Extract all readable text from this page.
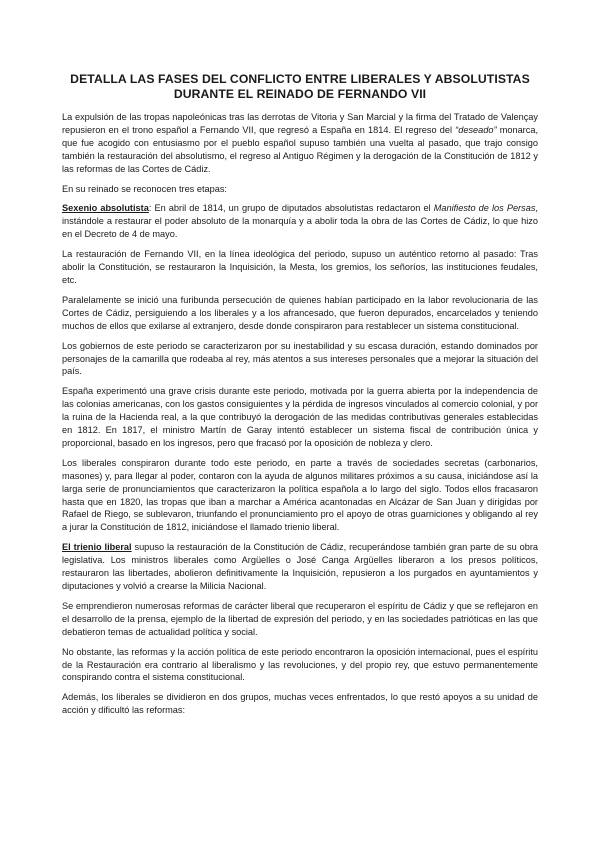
DETALLA LAS FASES DEL CONFLICTO ENTRE LIBERALES Y ABSOLUTISTAS DURANTE EL REINADO DE FERNANDO VII

La expulsión de las tropas napoleónicas tras las derrotas de Vitoria y San Marcial y la firma del Tratado de Valençay repusieron en el trono español a Fernando VII, que regresó a España en 1814. El regreso del “deseado” monarca, que fue acogido con entusiasmo por el pueblo español supuso también una vuelta al pasado, que trajo consigo también la restauración del absolutismo, el regreso al Antiguo Régimen y la derogación de la Constitución de 1812 y las reformas de las Cortes de Cádiz.

En su reinado se reconocen tres etapas:

Sexenio absolutista: En abril de 1814, un grupo de diputados absolutistas redactaron el Manifiesto de los Persas, instándole a restaurar el poder absoluto de la monarquía y a abolir toda la obra de las Cortes de Cádiz, lo que hizo en el Decreto de 4 de mayo.

La restauración de Fernando VII, en la línea ideológica del periodo, supuso un auténtico retorno al pasado: Tras abolir la Constitución, se restauraron la Inquisición, la Mesta, los gremios, los señoríos, las instituciones feudales, etc.

Paralelamente se inició una furibunda persecución de quienes habían participado en la labor revolucionaria de las Cortes de Cádiz, persiguiendo a los liberales y a los afrancesado, que fueron depurados, encarcelados y teniendo muchos de ellos que exilarse al extranjero, desde donde conspiraron para restablecer un sistema constitucional.

Los gobiernos de este periodo se caracterizaron por su inestabilidad y su escasa duración, estando dominados por personajes de la camarilla que rodeaba al rey, más atentos a sus intereses personales que a mejorar la situación del país.

España experimentó una grave crisis durante este periodo, motivada por la guerra abierta por la independencia de las colonias americanas, con los gastos consiguientes y la pérdida de ingresos vinculados al comercio colonial, y por la ruina de la Hacienda real, a la que contribuyó la derogación de las medidas contributivas generales establecidas en 1812. En 1817, el ministro Martín de Garay intentó establecer un sistema fiscal de contribución única y proporcional, basado en los ingresos, pero que fracasó por la oposición de nobleza y clero.

Los liberales conspiraron durante todo este periodo, en parte a través de sociedades secretas (carbonarios, masones) y, para llegar al poder, contaron con la ayuda de algunos militares próximos a su causa, iniciándose así la larga serie de pronunciamientos que caracterizaron la política española a lo largo del siglo. Todos ellos fracasaron hasta que en 1820, las tropas que iban a marchar a América acantonadas en Alcázar de San Juan y dirigidas por Rafael de Riego, se sublevaron, triunfando el pronunciamiento pro el apoyo de otras guarniciones y obligando al rey a jurar la Constitución de 1812, iniciándose el llamado trienio liberal.

El trienio liberal supuso la restauración de la Constitución de Cádiz, recuperándose también gran parte de su obra legislativa. Los ministros liberales como Argüelles o José Canga Argüelles liberaron a los presos políticos, restauraron las libertades, abolieron definitivamente la Inquisición, repusieron a los purgados en ayuntamientos y diputaciones y volvió a crearse la Milicia Nacional.

Se emprendieron numerosas reformas de carácter liberal que recuperaron el espíritu de Cádiz y que se reflejaron en el desarrollo de la prensa, ejemplo de la libertad de expresión del periodo, y en las sociedades patrióticas en las que debatieron temas de actualidad política y social.

No obstante, las reformas y la acción política de este periodo encontraron la oposición internacional, pues el espíritu de la Restauración era contrario al liberalismo y las revoluciones, y del propio rey, que estuvo permanentemente conspirando contra el sistema constitucional.

Además, los liberales se dividieron en dos grupos, muchas veces enfrentados, lo que restó apoyos a su unidad de acción y dificultó las reformas:
